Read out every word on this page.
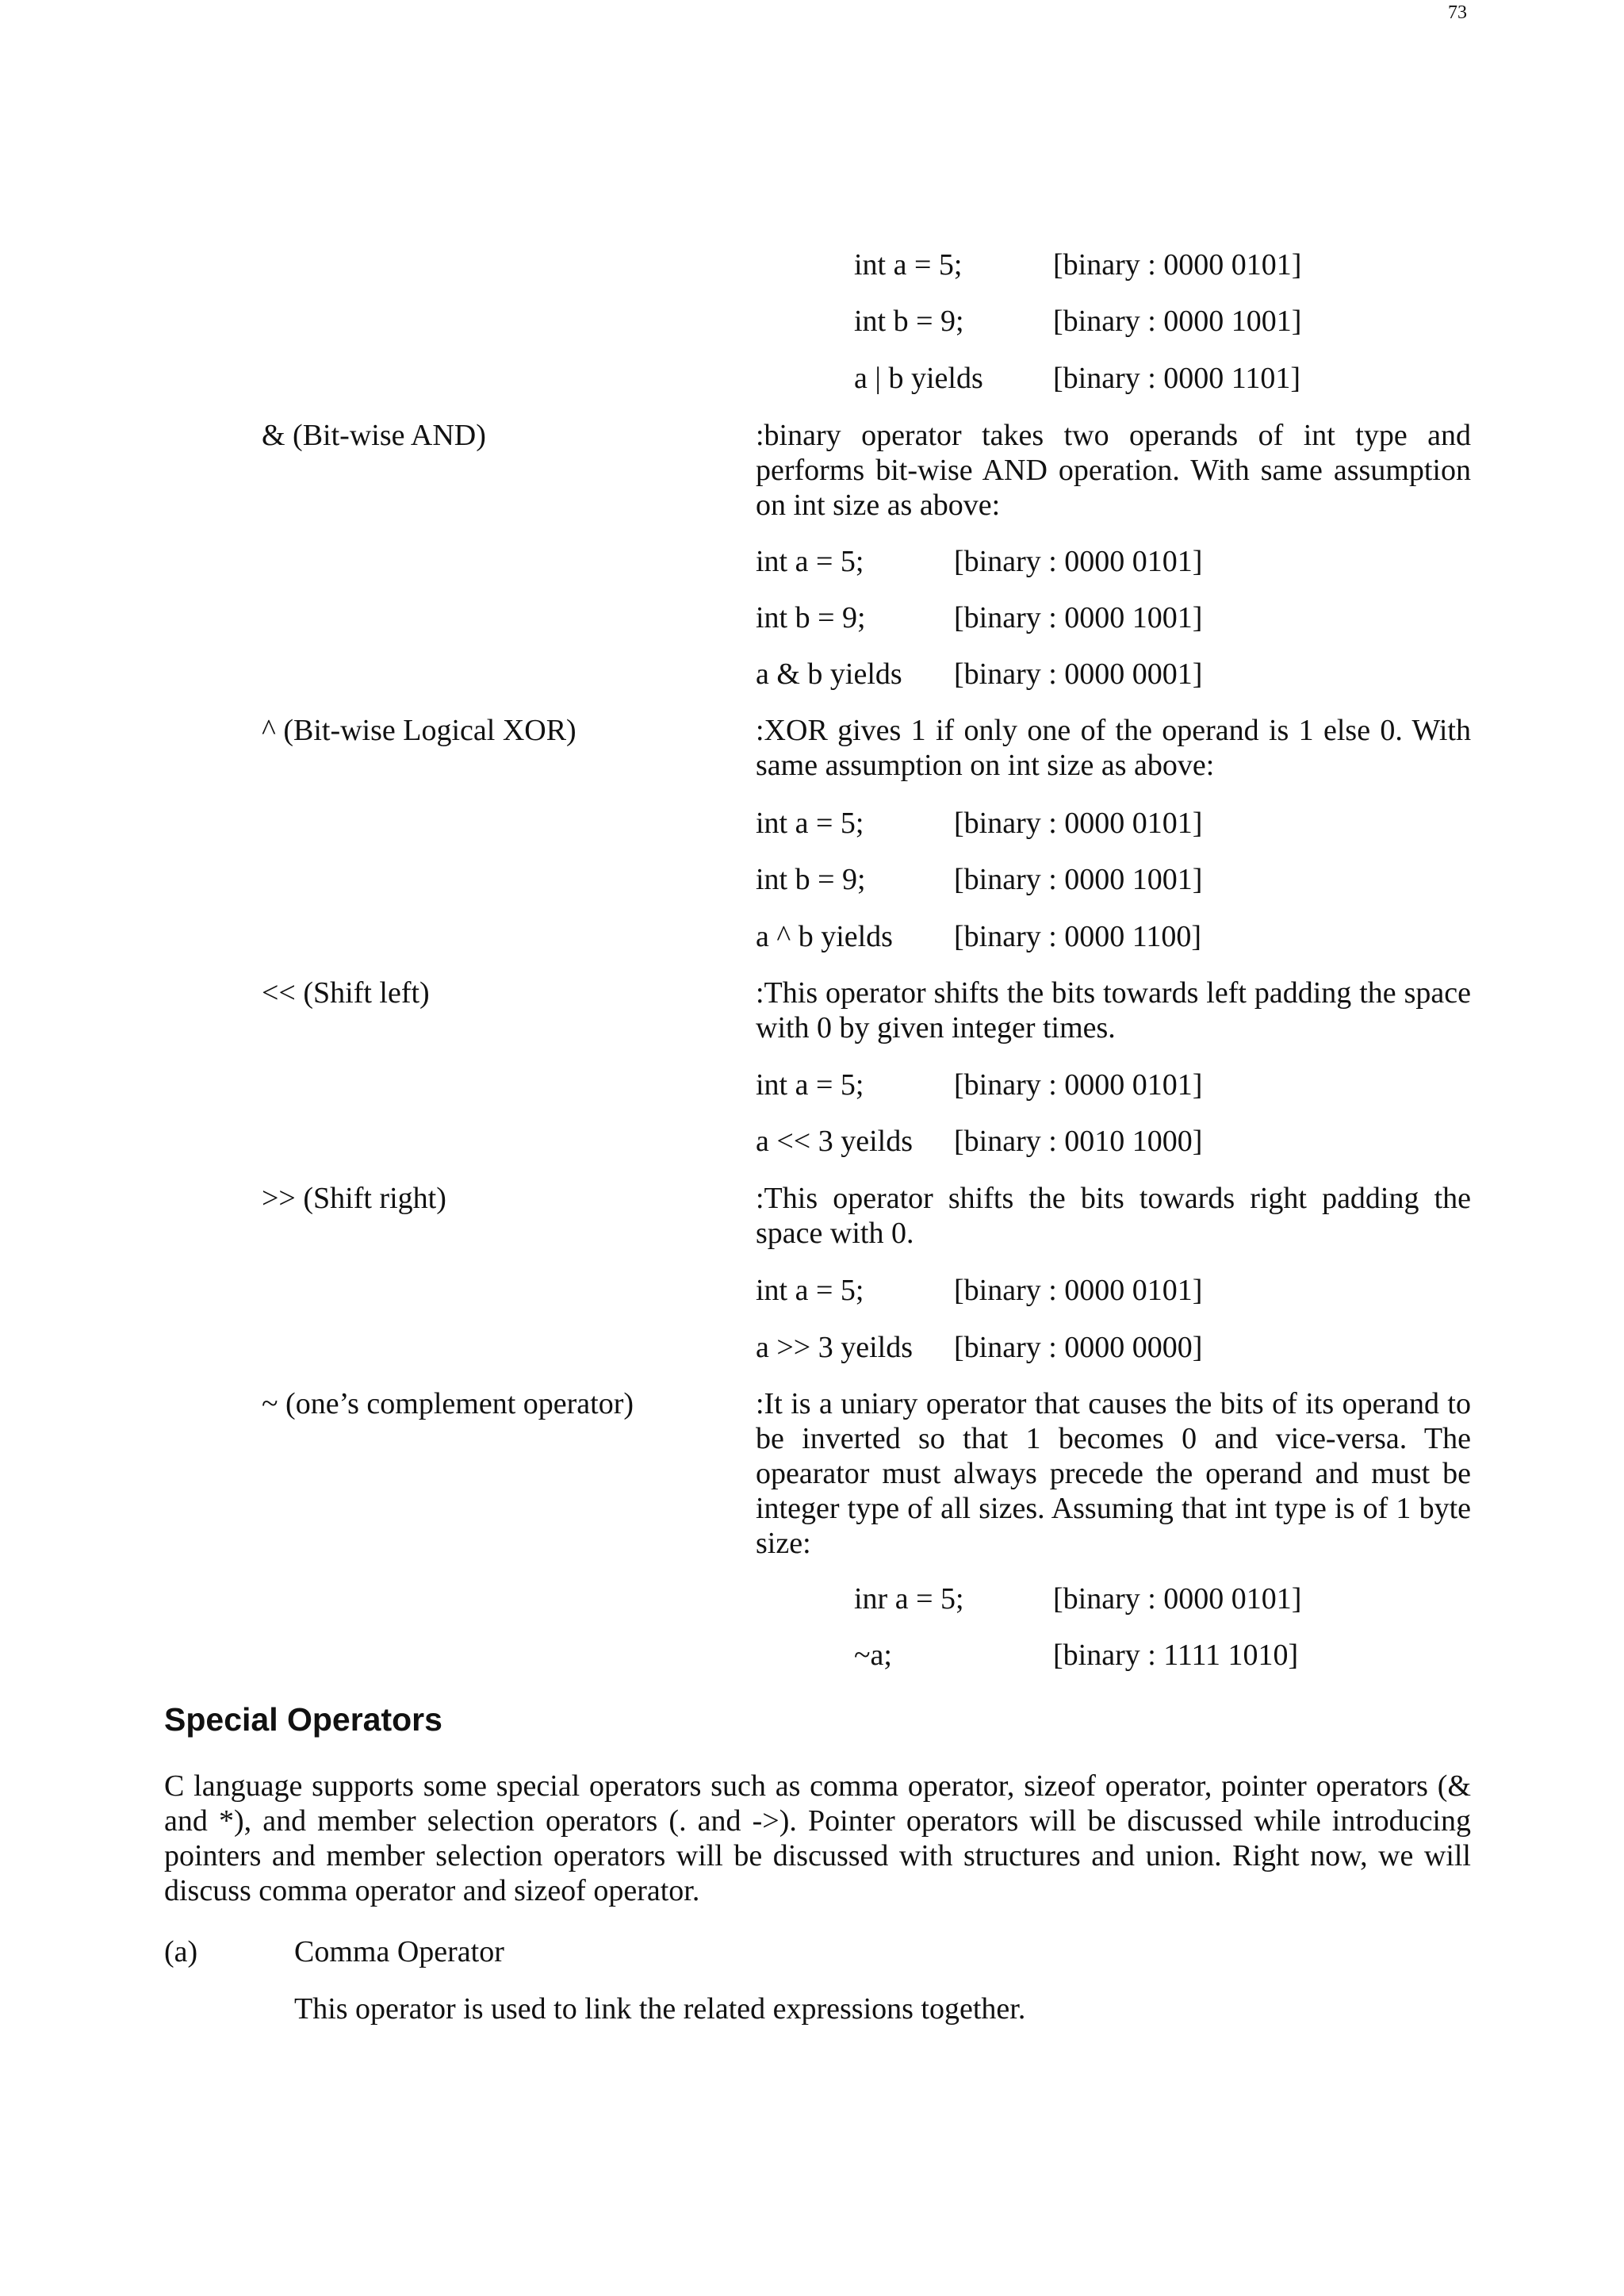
73
int a = 5;	[binary : 0000 0101]
int b = 9;	[binary : 0000 1001]
a | b yields [binary : 0000 1101]
& (Bit-wise AND)	:binary operator takes two operands of int type and performs bit-wise AND operation. With same assumption on int size as above:

int a = 5;	[binary : 0000 0101]
int b = 9;	[binary : 0000 1001]
a & b yields [binary : 0000 0001]
^ (Bit-wise Logical XOR)	:XOR gives 1 if only one of the operand is 1 else 0. With same assumption on int size as above:

int a = 5;	[binary : 0000 0101]
int b = 9;	[binary : 0000 1001]
a ^ b yields [binary : 0000 1100]
<< (Shift left)	:This operator shifts the bits towards left padding the space with 0 by given integer times.

int a = 5;	[binary : 0000 0101]
a << 3 yeilds [binary : 0010 1000]
>> (Shift right)	:This operator shifts the bits towards right padding the space with 0.

int a = 5;	[binary : 0000 0101]
a >> 3 yeilds [binary : 0000 0000]
~ (one’s complement operator)	:It is a uniary operator that causes the bits of its operand to be inverted so that 1 becomes 0 and vice-versa. The opearator must always precede the operand and must be integer type of all sizes. Assuming that int type is of 1 byte size:

inr a = 5;	[binary : 0000 0101]
~a;	[binary : 1111 1010]
Special Operators

C language supports some special operators such as comma operator, sizeof operator, pointer operators (& and *), and member selection operators (. and ->). Pointer operators will be discussed while introducing pointers and member selection operators will be discussed with structures and union. Right now, we will discuss comma operator and sizeof operator.

(a)	Comma Operator
This operator is used to link the related expressions together.
